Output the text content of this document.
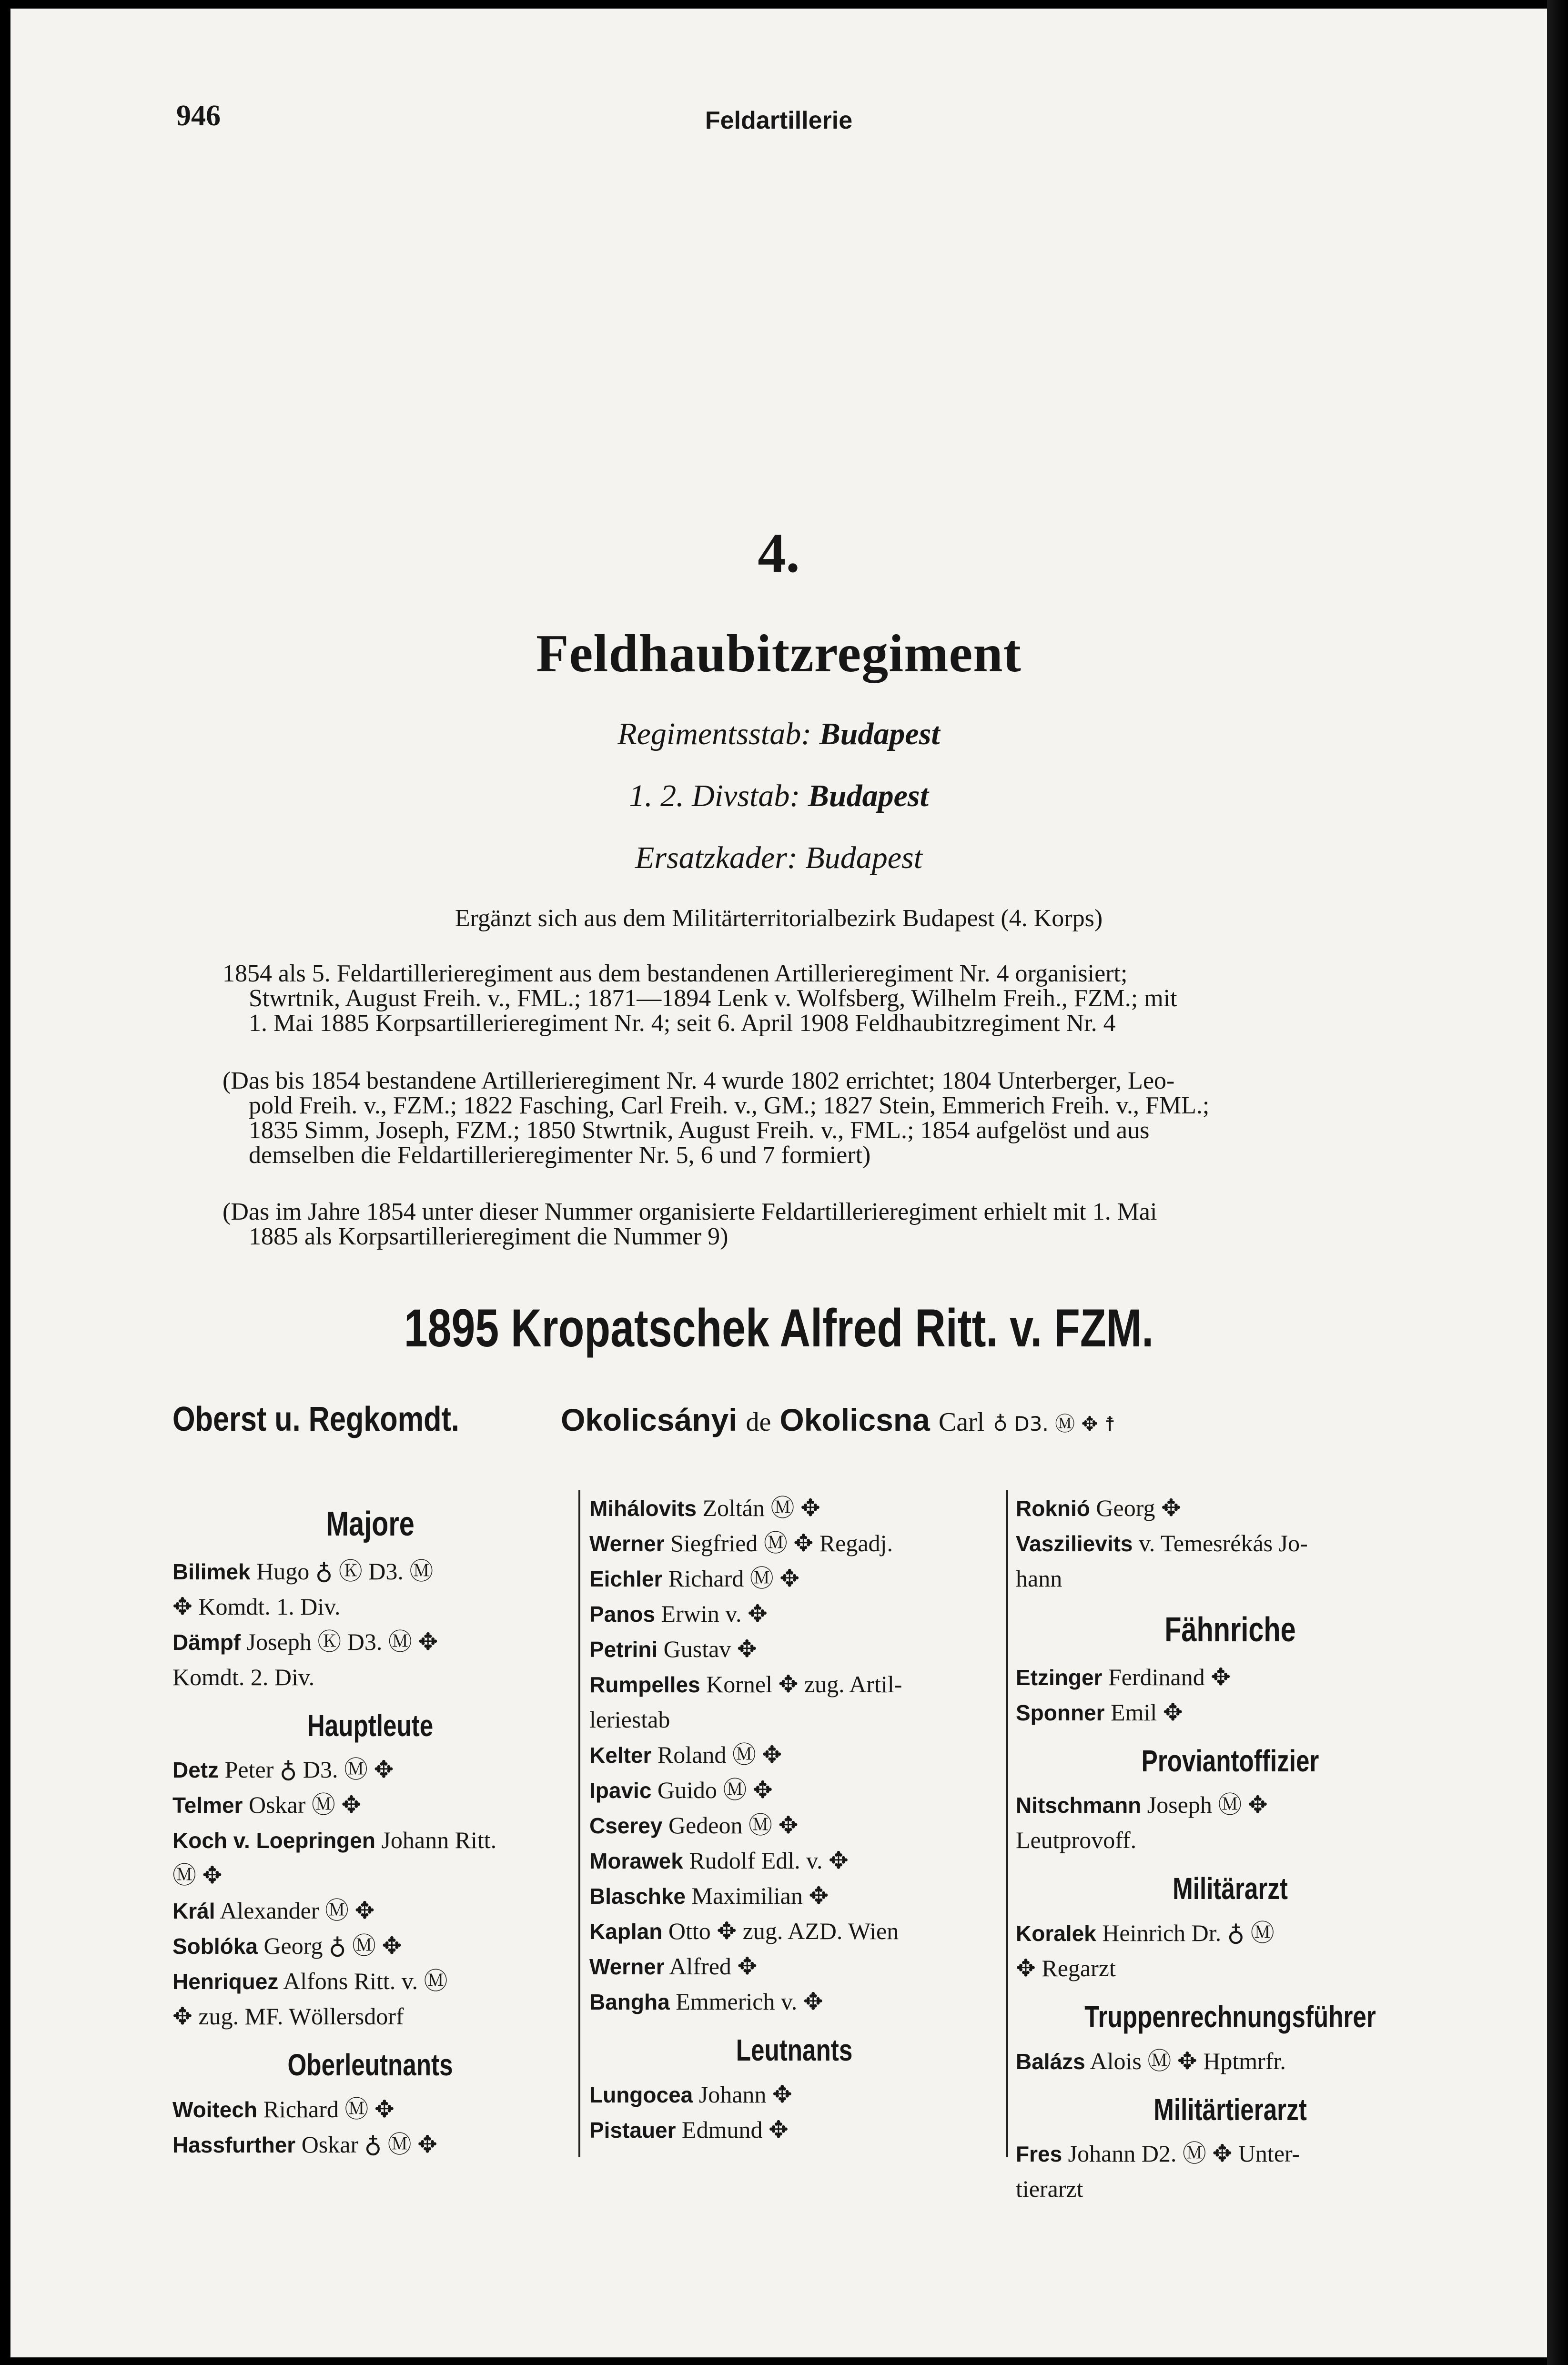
946	Feldartillerie
4.
Feldhaubitzregiment
Regimentsstab: Budapest
1. 2. Divstab: Budapest
Ersatzkader: Budapest
Ergänzt sich aus dem Militärterritorialbezirk Budapest (4. Korps)

1854 als 5. Feldartillerieregiment aus dem bestandenen Artillerieregiment Nr. 4 organisiert;

Stwrtnik, August Freih. v., FML.; 1871—1894 Lenk v. Wolfsberg, Wilhelm Freih., FZM.; mit

1. Mai 1885 Korpsartillerieregiment Nr. 4; seit 6. April 1908 Feldhaubitzregiment Nr. 4

(Das bis 1854 bestandene Artillerieregiment Nr. 4 wurde 1802 errichtet; 1804 Unterberger, Leo-

pold Freih. v., FZM.; 1822 Fasching, Carl Freih. v., GM.; 1827 Stein, Emmerich Freih. v., FML.;

1835 Simm, Joseph, FZM.; 1850 Stwrtnik, August Freih. v., FML.; 1854 aufgelöst und aus

demselben die Feldartillerieregimenter Nr. 5, 6 und 7 formiert)

(Das im Jahre 1854 unter dieser Nummer organisierte Feldartillerieregiment erhielt mit 1. Mai

1885 als Korpsartillerieregiment die Nummer 9)

1895 Kropatschek Alfred Ritt. v. FZM.
Oberst u. Regkomdt.	Okolicsányi de Okolicsna Carl ♁ D3. Ⓜ ✥ ☨
Majore
Bilimek Hugo ♁ Ⓚ D3. Ⓜ
✥ Komdt. 1. Div.
Dämpf Joseph Ⓚ D3. Ⓜ ✥
Komdt. 2. Div.
Hauptleute
Detz Peter ♁ D3. Ⓜ ✥
Telmer Oskar Ⓜ ✥
Koch v. Loepringen Johann Ritt.
Ⓜ ✥
Král Alexander Ⓜ ✥
Soblóka Georg ♁ Ⓜ ✥
Henriquez Alfons Ritt. v. Ⓜ
✥ zug. MF. Wöllersdorf
Oberleutnants
Woitech Richard Ⓜ ✥
Hassfurther Oskar ♁ Ⓜ ✥
Mihálovits Zoltán Ⓜ ✥
Werner Siegfried Ⓜ ✥ Regadj.
Eichler Richard Ⓜ ✥
Panos Erwin v. ✥
Petrini Gustav ✥
Rumpelles Kornel ✥ zug. Artil-
leriestab
Kelter Roland Ⓜ ✥
Ipavic Guido Ⓜ ✥
Cserey Gedeon Ⓜ ✥
Morawek Rudolf Edl. v. ✥
Blaschke Maximilian ✥
Kaplan Otto ✥ zug. AZD. Wien
Werner Alfred ✥
Bangha Emmerich v. ✥
Leutnants
Lungocea Johann ✥
Pistauer Edmund ✥
Roknió Georg ✥
Vaszilievits v. Temesrékás Jo-
hann
Fähnriche
Etzinger Ferdinand ✥
Sponner Emil ✥
Proviantoffizier
Nitschmann Joseph Ⓜ ✥
Leutprovoff.
Militärarzt
Koralek Heinrich Dr. ♁ Ⓜ
✥ Regarzt
Truppenrechnungsführer
Balázs Alois Ⓜ ✥ Hptmrfr.
Militärtierarzt
Fres Johann D2. Ⓜ ✥ Unter-
tierarzt
